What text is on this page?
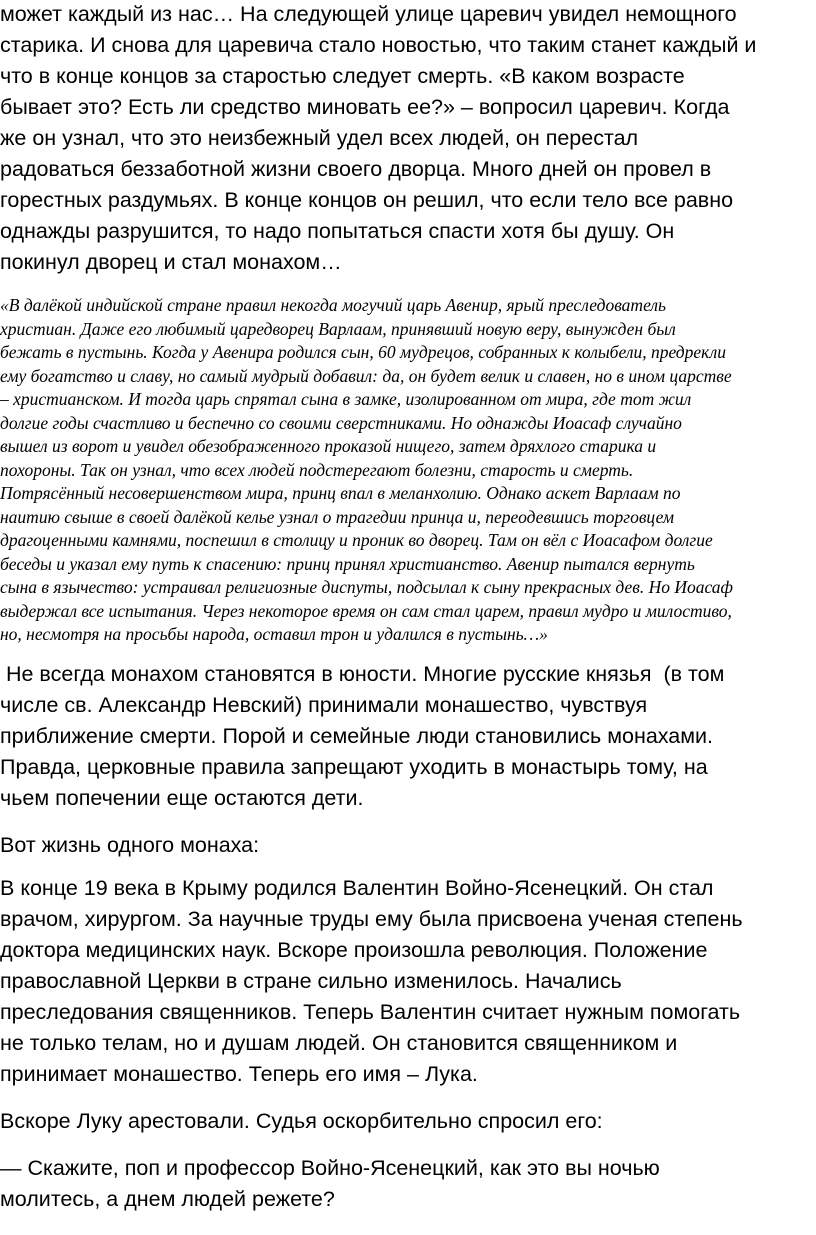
может каждый из нас… На следующей улице царевич увидел немощного
старика. И снова для царевича стало новостью, что таким станет каждый и
что в конце концов за старостью следует смерть. «В каком возрасте
бывает это? Есть ли средство миновать ее?» – вопросил царевич. Когда
же он узнал, что это неизбежный удел всех людей, он перестал
радоваться беззаботной жизни своего дворца. Много дней он провел в
горестных раздумьях. В конце концов он решил, что если тело все равно
однажды разрушится, то надо попытаться спасти хотя бы душу. Он
покинул дворец и стал монахом…
«В далёкой индийской стране правил некогда могучий царь Авенир, ярый преследователь
христиан. Даже его любимый царедворец Варлаам, принявший новую веру, вынужден был
бежать в пустынь. Когда у Авенира родился сын, 60 мудрецов, собранных к колыбели, предрекли
ему богатство и славу, но самый мудрый добавил: да, он будет велик и славен, но в ином царстве
– христианском. И тогда царь спрятал сына в замке, изолированном от мира, где тот жил
долгие годы счастливо и беспечно со своими сверстниками. Но однажды Иоасаф случайно
вышел из ворот и увидел обезображенного проказой нищего, затем дряхлого старика и
похороны. Так он узнал, что всех людей подстерегают болезни, старость и смерть.
Потрясённый несовершенством мира, принц впал в меланхолию. Однако аскет Варлаам по
наитию свыше в своей далёкой келье узнал о трагедии принца и, переодевшись торговцем
драгоценными камнями, поспешил в столицу и проник во дворец. Там он вёл с Иоасафом долгие
беседы и указал ему путь к спасению: принц принял христианство. Авенир пытался вернуть
сына в язычество: устраивал религиозные диспуты, подсылал к сыну прекрасных дев. Но Иоасаф
выдержал все испытания. Через некоторое время он сам стал царем, правил мудро и милостиво,
но, несмотря на просьбы народа, оставил трон и удалился в пустынь…»
Не всегда монахом становятся в юности. Многие русские князья  (в том
числе св. Александр Невский) принимали монашество, чувствуя
приближение смерти. Порой и семейные люди становились монахами.
Правда, церковные правила запрещают уходить в монастырь тому, на
чьем попечении еще остаются дети.
Вот жизнь одного монаха:
В конце 19 века в Крыму родился Валентин Войно-Ясенецкий. Он стал
врачом, хирургом. За научные труды ему была присвоена ученая степень
доктора медицинских наук. Вскоре произошла революция. Положение
православной Церкви в стране сильно изменилось. Начались
преследования священников. Теперь Валентин считает нужным помогать
не только телам, но и душам людей. Он становится священником и
принимает монашество. Теперь его имя – Лука.
Вскоре Луку арестовали. Судья оскорбительно спросил его:
— Скажите, поп и профессор Войно-Ясенецкий, как это вы ночью
молитесь, а днем людей режете?
